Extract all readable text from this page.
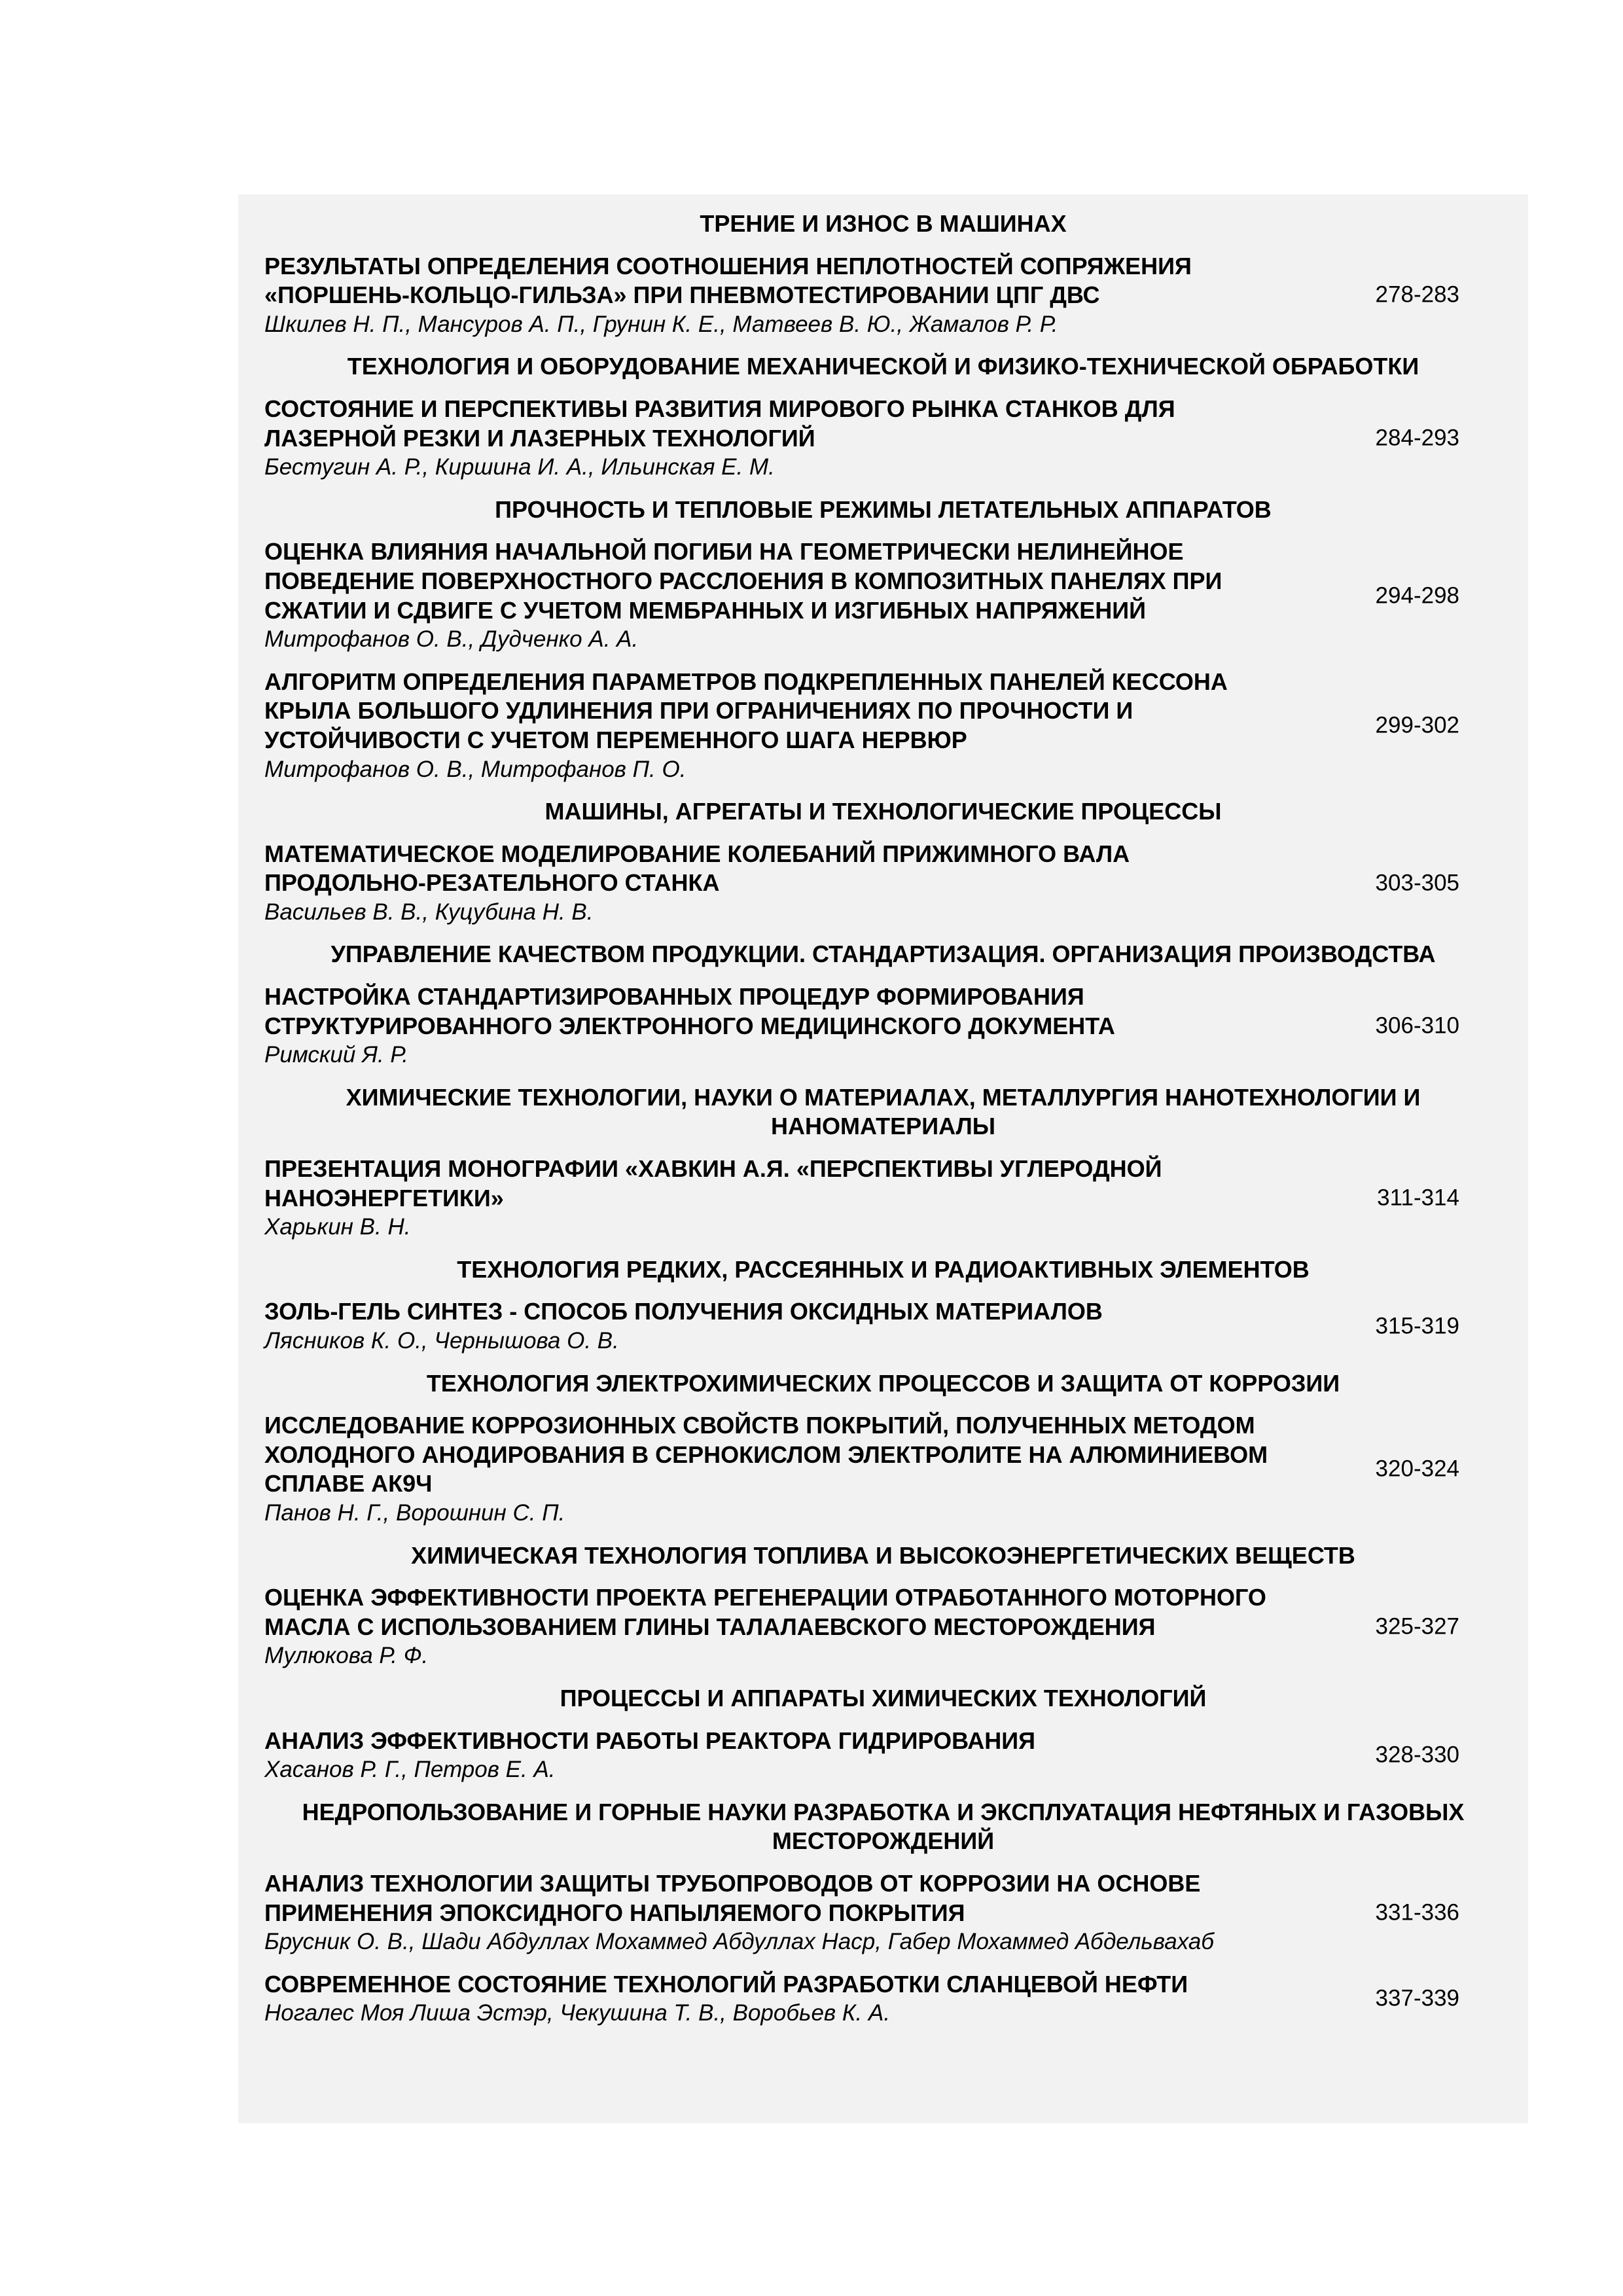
ТРЕНИЕ И ИЗНОС В МАШИНАХ
РЕЗУЛЬТАТЫ ОПРЕДЕЛЕНИЯ СООТНОШЕНИЯ НЕПЛОТНОСТЕЙ СОПРЯЖЕНИЯ
«ПОРШЕНЬ-КОЛЬЦО-ГИЛЬЗА» ПРИ ПНЕВМОТЕСТИРОВАНИИ ЦПГ ДВС
Шкилев Н. П., Мансуров А. П., Грунин К. Е., Матвеев В. Ю., Жамалов Р. Р.
278-283
ТЕХНОЛОГИЯ И ОБОРУДОВАНИЕ МЕХАНИЧЕСКОЙ И ФИЗИКО-ТЕХНИЧЕСКОЙ ОБРАБОТКИ
СОСТОЯНИЕ И ПЕРСПЕКТИВЫ РАЗВИТИЯ МИРОВОГО РЫНКА СТАНКОВ ДЛЯ
ЛАЗЕРНОЙ РЕЗКИ И ЛАЗЕРНЫХ ТЕХНОЛОГИЙ
Бестугин А. Р., Киршина И. А., Ильинская Е. М.
284-293
ПРОЧНОСТЬ И ТЕПЛОВЫЕ РЕЖИМЫ ЛЕТАТЕЛЬНЫХ АППАРАТОВ
ОЦЕНКА ВЛИЯНИЯ НАЧАЛЬНОЙ ПОГИБИ НА ГЕОМЕТРИЧЕСКИ НЕЛИНЕЙНОЕ
ПОВЕДЕНИЕ ПОВЕРХНОСТНОГО РАССЛОЕНИЯ В КОМПОЗИТНЫХ ПАНЕЛЯХ ПРИ
СЖАТИИ И СДВИГЕ С УЧЕТОМ МЕМБРАННЫХ И ИЗГИБНЫХ НАПРЯЖЕНИЙ
Митрофанов О. В., Дудченко А. А.
294-298
АЛГОРИТМ ОПРЕДЕЛЕНИЯ ПАРАМЕТРОВ ПОДКРЕПЛЕННЫХ ПАНЕЛЕЙ КЕССОНА
КРЫЛА БОЛЬШОГО УДЛИНЕНИЯ ПРИ ОГРАНИЧЕНИЯХ ПО ПРОЧНОСТИ И
УСТОЙЧИВОСТИ С УЧЕТОМ ПЕРЕМЕННОГО ШАГА НЕРВЮР
Митрофанов О. В., Митрофанов П. О.
299-302
МАШИНЫ, АГРЕГАТЫ И ТЕХНОЛОГИЧЕСКИЕ ПРОЦЕССЫ
МАТЕМАТИЧЕСКОЕ МОДЕЛИРОВАНИЕ КОЛЕБАНИЙ ПРИЖИМНОГО ВАЛА
ПРОДОЛЬНО-РЕЗАТЕЛЬНОГО СТАНКА
Васильев В. В., Куцубина Н. В.
303-305
УПРАВЛЕНИЕ КАЧЕСТВОМ ПРОДУКЦИИ. СТАНДАРТИЗАЦИЯ. ОРГАНИЗАЦИЯ ПРОИЗВОДСТВА
НАСТРОЙКА СТАНДАРТИЗИРОВАННЫХ ПРОЦЕДУР ФОРМИРОВАНИЯ
СТРУКТУРИРОВАННОГО ЭЛЕКТРОННОГО МЕДИЦИНСКОГО ДОКУМЕНТА
Римский Я. Р.
306-310
ХИМИЧЕСКИЕ ТЕХНОЛОГИИ, НАУКИ О МАТЕРИАЛАХ, МЕТАЛЛУРГИЯ НАНОТЕХНОЛОГИИ И
НАНОМАТЕРИАЛЫ
ПРЕЗЕНТАЦИЯ МОНОГРАФИИ «ХАВКИН А.Я. «ПЕРСПЕКТИВЫ УГЛЕРОДНОЙ
НАНОЭНЕРГЕТИКИ»
Харькин В. Н.
311-314
ТЕХНОЛОГИЯ РЕДКИХ, РАССЕЯННЫХ И РАДИОАКТИВНЫХ ЭЛЕМЕНТОВ
ЗОЛЬ-ГЕЛЬ СИНТЕЗ - СПОСОБ ПОЛУЧЕНИЯ ОКСИДНЫХ МАТЕРИАЛОВ
Лясников К. О., Чернышова О. В.
315-319
ТЕХНОЛОГИЯ ЭЛЕКТРОХИМИЧЕСКИХ ПРОЦЕССОВ И ЗАЩИТА ОТ КОРРОЗИИ
ИССЛЕДОВАНИЕ КОРРОЗИОННЫХ СВОЙСТВ ПОКРЫТИЙ, ПОЛУЧЕННЫХ МЕТОДОМ
ХОЛОДНОГО АНОДИРОВАНИЯ В СЕРНОКИСЛОМ ЭЛЕКТРОЛИТЕ НА АЛЮМИНИЕВОМ
СПЛАВЕ АК9Ч
Панов Н. Г., Ворошнин С. П.
320-324
ХИМИЧЕСКАЯ ТЕХНОЛОГИЯ ТОПЛИВА И ВЫСОКОЭНЕРГЕТИЧЕСКИХ ВЕЩЕСТВ
ОЦЕНКА ЭФФЕКТИВНОСТИ ПРОЕКТА РЕГЕНЕРАЦИИ ОТРАБОТАННОГО МОТОРНОГО
МАСЛА С ИСПОЛЬЗОВАНИЕМ ГЛИНЫ ТАЛАЛАЕВСКОГО МЕСТОРОЖДЕНИЯ
Мулюкова Р. Ф.
325-327
ПРОЦЕССЫ И АППАРАТЫ ХИМИЧЕСКИХ ТЕХНОЛОГИЙ
АНАЛИЗ ЭФФЕКТИВНОСТИ РАБОТЫ РЕАКТОРА ГИДРИРОВАНИЯ
Хасанов Р. Г., Петров Е. А.
328-330
НЕДРОПОЛЬЗОВАНИЕ И ГОРНЫЕ НАУКИ РАЗРАБОТКА И ЭКСПЛУАТАЦИЯ НЕФТЯНЫХ И ГАЗОВЫХ
МЕСТОРОЖДЕНИЙ
АНАЛИЗ ТЕХНОЛОГИИ ЗАЩИТЫ ТРУБОПРОВОДОВ ОТ КОРРОЗИИ НА ОСНОВЕ
ПРИМЕНЕНИЯ ЭПОКСИДНОГО НАПЫЛЯЕМОГО ПОКРЫТИЯ
Брусник О. В., Шади Абдуллах Мохаммед Абдуллах Наср, Габер Мохаммед Абдельвахаб
331-336
СОВРЕМЕННОЕ СОСТОЯНИЕ ТЕХНОЛОГИЙ РАЗРАБОТКИ СЛАНЦЕВОЙ НЕФТИ
Ногалес Моя Лиша Эстэр, Чекушина Т. В., Воробьев К. А.
337-339
